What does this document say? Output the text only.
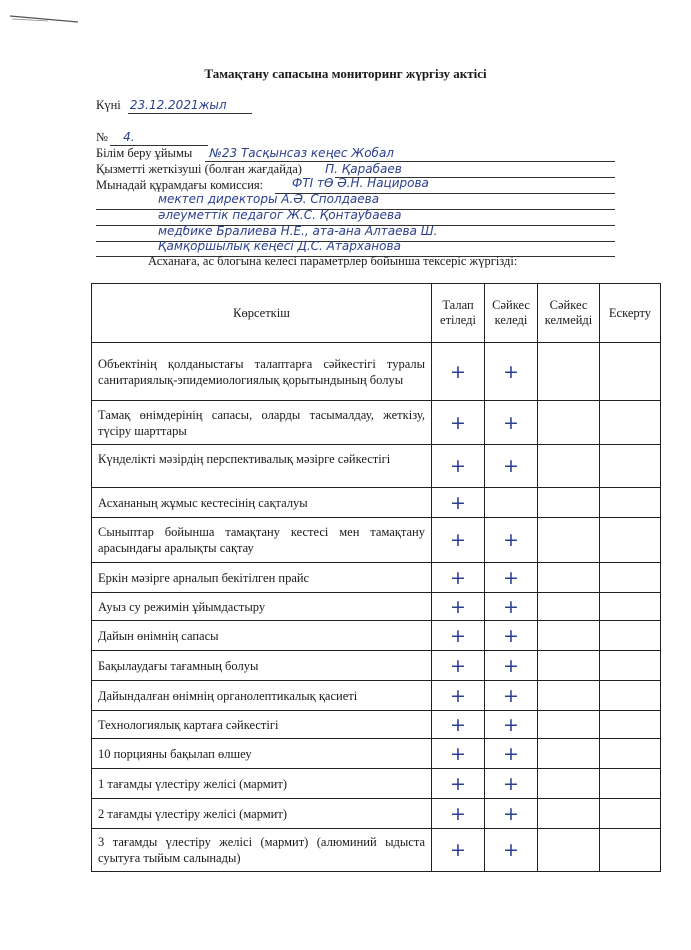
Тамақтану сапасына мониторинг жүргізу актісі
Күні 23.12.2021жыл
№ 4.
Білім беру ұйымы №23 Тасқынсаз кеңес Жобал
Қызметті жеткізуші (болған жағдайда) П. Қарабаев
Мынадай құрамдағы комиссия: ФТІ тӨ Ә.Н. Нацирова
мектеп директоры А.Ә. Сполдаева
әлеуметтік педагог Ж.С. Қонтаубаева
медбике Бралиева Н.Е., ата-ана Алтаева Ш.
Қамқоршылық кеңесі Д.С. Атарханова
Асханаға, ас блогына келесі параметрлер бойынша тексеріс жүргізді:
Көрсеткіш	Талап етіледі	Сәйкес келеді	Сәйкес келмейді	Ескерту
Объектінің қолданыстағы талаптарға сәйкестігі туралы санитариялық-эпидемиологиялық қорытындының болуы	+	+		
Тамақ өнімдерінің сапасы, оларды тасымалдау, жеткізу, түсіру шарттары	+	+		
Күнделікті мәзірдің перспективалық мәзірге сәйкестігі	+	+		
Асхананың жұмыс кестесінің сақталуы	+			
Сыныптар бойынша тамақтану кестесі мен тамақтану арасындағы аралықты сақтау	+	+		
Еркін мәзірге арналып бекітілген прайс	+	+		
Ауыз су режимін ұйымдастыру	+	+		
Дайын өнімнің сапасы	+	+		
Бақылаудағы тағамның болуы	+	+		
Дайындалған өнімнің органолептикалық қасиеті	+	+		
Технологиялық картаға сәйкестігі	+	+		
10 порцияны бақылап өлшеу	+	+		
1 тағамды үлестіру желісі (мармит)	+	+		
2 тағамды үлестіру желісі (мармит)	+	+		
3 тағамды үлестіру желісі (мармит) (алюминий ыдыста суытуға тыйым салынады)	+	+		
